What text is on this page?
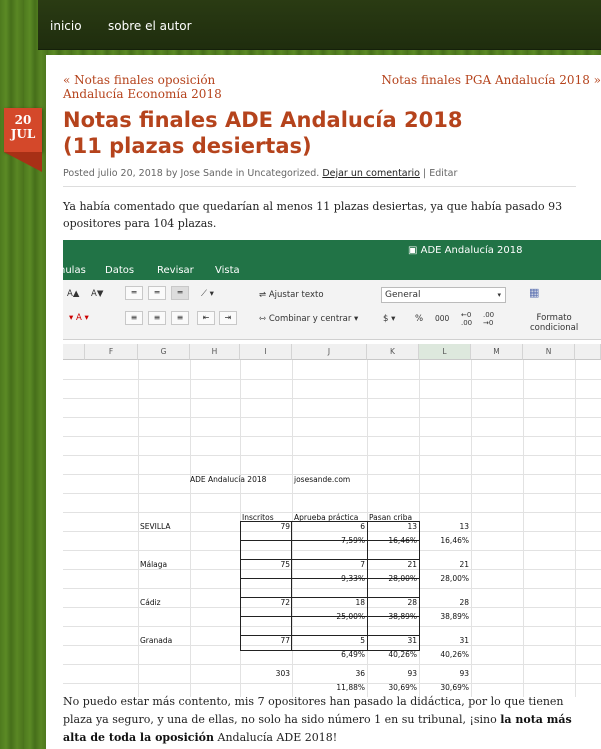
inicio sobre el autor
20
JUL
« Notas finales oposición Andalucía Economía 2018
Notas finales PGA Andalucía 2018 »
Notas finales ADE Andalucía 2018 (11 plazas desiertas)
Posted julio 20, 2018 by Jose Sande in Uncategorized. Dejar un comentario | Editar
Ya había comentado que quedarían al menos 11 plazas desiertas, ya que había pasado 93 opositores para 104 plazas.
▣ ADE Andalucía 2018
nulas Datos Revisar Vista
A▲ A▼
▾ A ▾
═	═	═
≡	≡	≡
⟋ ▾
⇤	⇥
⇌ Ajustar texto
⇿ Combinar y centrar ▾
General	▾
$ ▾ % 000 ←0
.00
.00
→0
▦
Formato
condicional
F	G	H	I	J	K	L	M	N
ADE Andalucía 2018	josesande.com
Inscritos	Aprueba práctica Pasan criba
SEVILLA	79	6	13	13
7,59%	16,46%	16,46%
Málaga	75	7	21	21
9,33%	28,00%	28,00%
Cádiz	72	18	28	28
25,00%	38,89%	38,89%
Granada	77	5	31	31
6,49%	40,26%	40,26%
303	36	93	93
11,88%	30,69%	30,69%
No puedo estar más contento, mis 7 opositores han pasado la didáctica, por lo que tienen plaza ya seguro, y una de ellas, no solo ha sido número 1 en su tribunal, ¡sino la nota más alta de toda la oposición Andalucía ADE 2018!
